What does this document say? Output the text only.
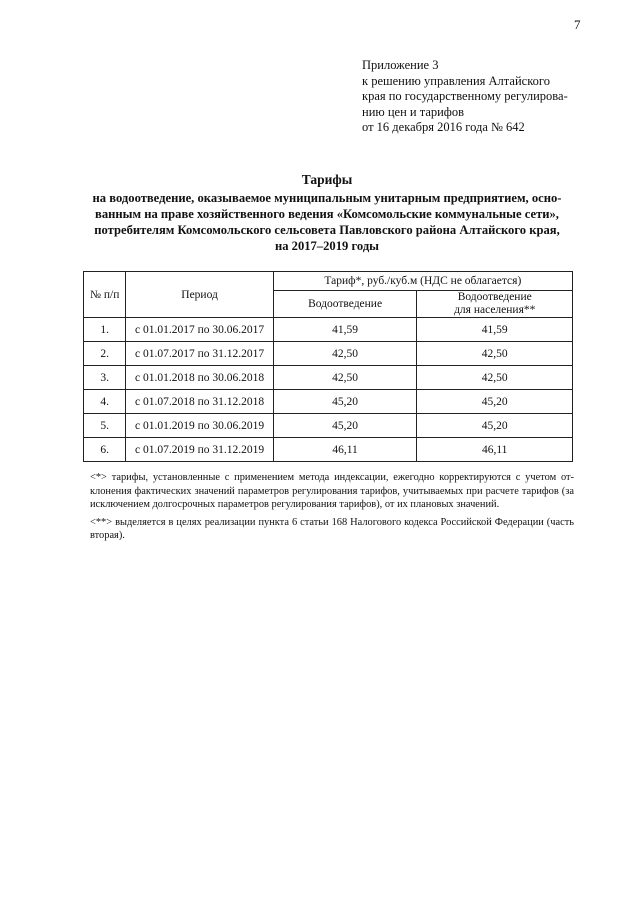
7
Приложение 3
к решению управления Алтайского
края по государственному регулирова-
нию цен и тарифов
от 16 декабря 2016 года № 642
Тарифы
на водоотведение, оказываемое муниципальным унитарным предприятием, осно-
ванным на праве хозяйственного ведения «Комсомольские коммунальные сети»,
потребителям Комсомольского сельсовета Павловского района Алтайского края,
на 2017–2019 годы
№ п/п	Период	Тариф*, руб./куб.м (НДС не облагается)	
		Водоотведение	Водоотведение
для населения**
1.	с 01.01.2017 по 30.06.2017	41,59	41,59
2.	с 01.07.2017 по 31.12.2017	42,50	42,50
3.	с 01.01.2018 по 30.06.2018	42,50	42,50
4.	с 01.07.2018 по 31.12.2018	45,20	45,20
5.	с 01.01.2019 по 30.06.2019	45,20	45,20
6.	с 01.07.2019 по 31.12.2019	46,11	46,11

<*> тарифы, установленные с применением метода индексации, ежегодно корректируются с учетом от-клонения фактических значений параметров регулирования тарифов, учитываемых при расчете тарифов (за исключением долгосрочных параметров регулирования тарифов), от их плановых значений.

<**> выделяется в целях реализации пункта 6 статьи 168 Налогового кодекса Российской Федерации (часть вторая).
